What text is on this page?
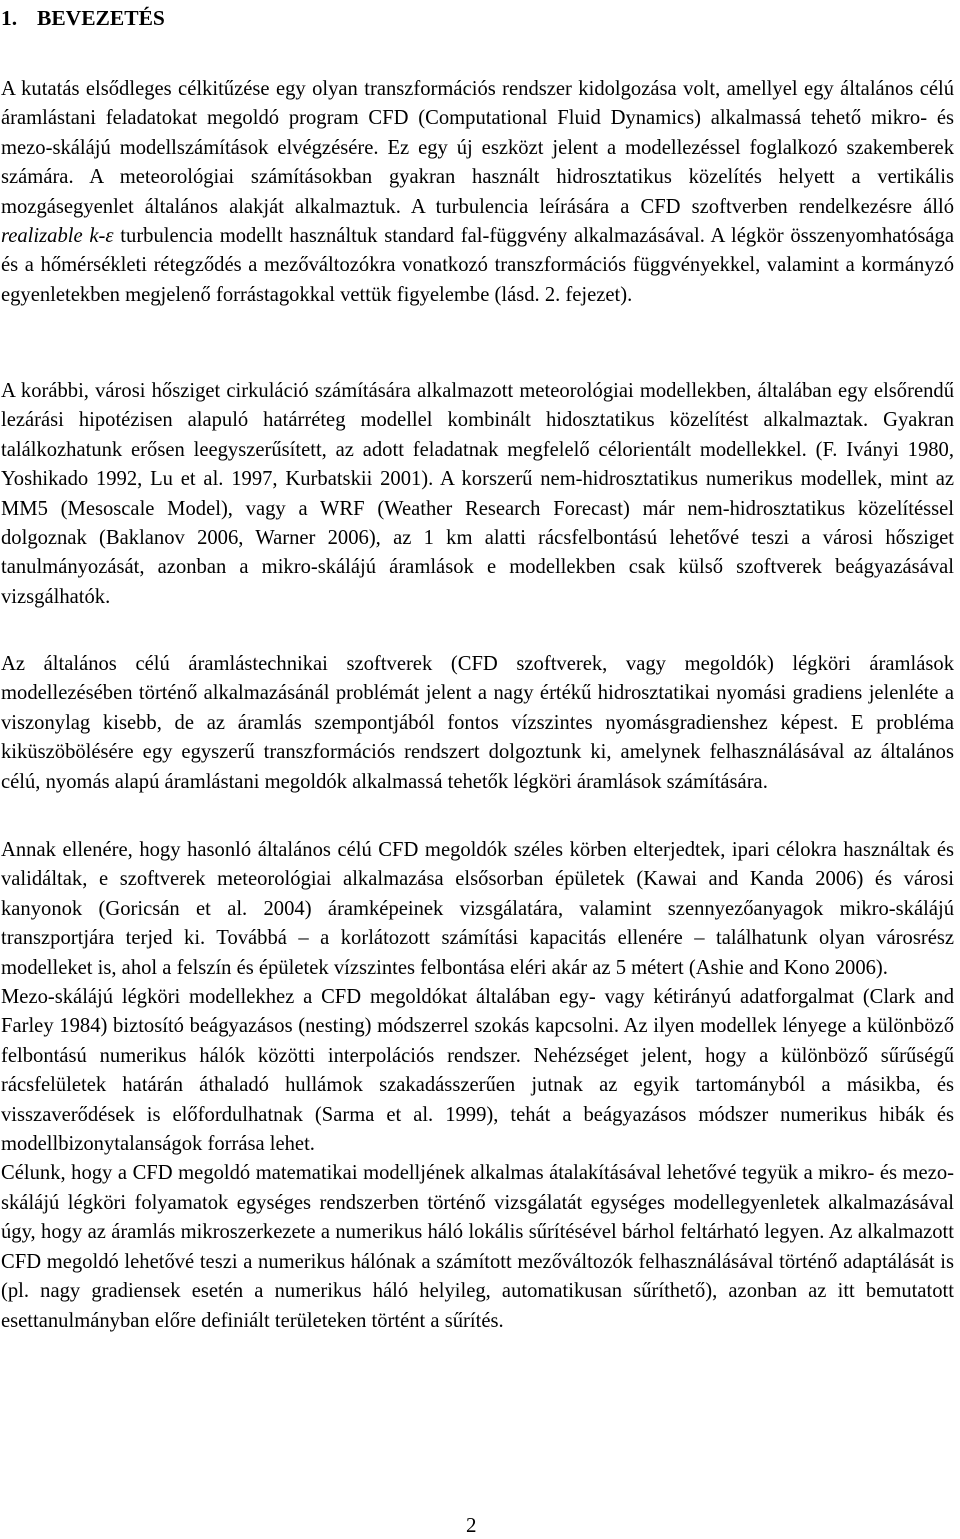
1. BEVEZETÉS

A kutatás elsődleges célkitűzése egy olyan transzformációs rendszer kidolgozása volt, amellyel egy általános célú áramlástani feladatokat megoldó program CFD (Computational Fluid Dynamics) alkalmassá tehető mikro- és mezo-skálájú modellszámítások elvégzésére. Ez egy új eszközt jelent a modellezéssel foglalkozó szakemberek számára. A meteorológiai számításokban gyakran használt hidrosztatikus közelítés helyett a vertikális mozgásegyenlet általános alakját alkalmaztuk. A turbulencia leírására a CFD szoftverben rendelkezésre álló realizable k-ε turbulencia modellt használtuk standard fal-függvény alkalmazásával. A légkör összenyomhatósága és a hőmérsékleti rétegződés a mezőváltozókra vonatkozó transzformációs függvényekkel, valamint a kormányzó egyenletekben megjelenő forrástagokkal vettük figyelembe (lásd. 2. fejezet).

A korábbi, városi hősziget cirkuláció számítására alkalmazott meteorológiai modellekben, általában egy elsőrendű lezárási hipotézisen alapuló határréteg modellel kombinált hidosztatikus közelítést alkalmaztak. Gyakran találkozhatunk erősen leegyszerűsített, az adott feladatnak megfelelő célorientált modellekkel. (F. Iványi 1980, Yoshikado 1992, Lu et al. 1997, Kurbatskii 2001). A korszerű nem-hidrosztatikus numerikus modellek, mint az MM5 (Mesoscale Model), vagy a WRF (Weather Research Forecast) már nem-hidrosztatikus közelítéssel dolgoznak (Baklanov 2006, Warner 2006), az 1 km alatti rácsfelbontású lehetővé teszi a városi hősziget tanulmányozását, azonban a mikro-skálájú áramlások e modellekben csak külső szoftverek beágyazásával vizsgálhatók.

Az általános célú áramlástechnikai szoftverek (CFD szoftverek, vagy megoldók) légköri áramlások modellezésében történő alkalmazásánál problémát jelent a nagy értékű hidrosztatikai nyomási gradiens jelenléte a viszonylag kisebb, de az áramlás szempontjából fontos vízszintes nyomásgradienshez képest. E probléma kiküszöbölésére egy egyszerű transzformációs rendszert dolgoztunk ki, amelynek felhasználásával az általános célú, nyomás alapú áramlástani megoldók alkalmassá tehetők légköri áramlások számítására.

Annak ellenére, hogy hasonló általános célú CFD megoldók széles körben elterjedtek, ipari célokra használtak és validáltak, e szoftverek meteorológiai alkalmazása elsősorban épületek (Kawai and Kanda 2006) és városi kanyonok (Goricsán et al. 2004) áramképeinek vizsgálatára, valamint szennyezőanyagok mikro-skálájú transzportjára terjed ki. Továbbá – a korlátozott számítási kapacitás ellenére – találhatunk olyan városrész modelleket is, ahol a felszín és épületek vízszintes felbontása eléri akár az 5 métert (Ashie and Kono 2006).
Mezo-skálájú légköri modellekhez a CFD megoldókat általában egy- vagy kétirányú adatforgalmat (Clark and Farley 1984) biztosító beágyazásos (nesting) módszerrel szokás kapcsolni. Az ilyen modellek lényege a különböző felbontású numerikus hálók közötti interpolációs rendszer. Nehézséget jelent, hogy a különböző sűrűségű rácsfelületek határán áthaladó hullámok szakadásszerűen jutnak az egyik tartományból a másikba, és visszaverődések is előfordulhatnak (Sarma et al. 1999), tehát a beágyazásos módszer numerikus hibák és modellbizonytalanságok forrása lehet.
Célunk, hogy a CFD megoldó matematikai modelljének alkalmas átalakításával lehetővé tegyük a mikro- és mezo-skálájú légköri folyamatok egységes rendszerben történő vizsgálatát egységes modellegyenletek alkalmazásával úgy, hogy az áramlás mikroszerkezete a numerikus háló lokális sűrítésével bárhol feltárható legyen. Az alkalmazott CFD megoldó lehetővé teszi a numerikus hálónak a számított mezőváltozók felhasználásával történő adaptálását is (pl. nagy gradiensek esetén a numerikus háló helyileg, automatikusan sűríthető), azonban az itt bemutatott esettanulmányban előre definiált területeken történt a sűrítés.

2
